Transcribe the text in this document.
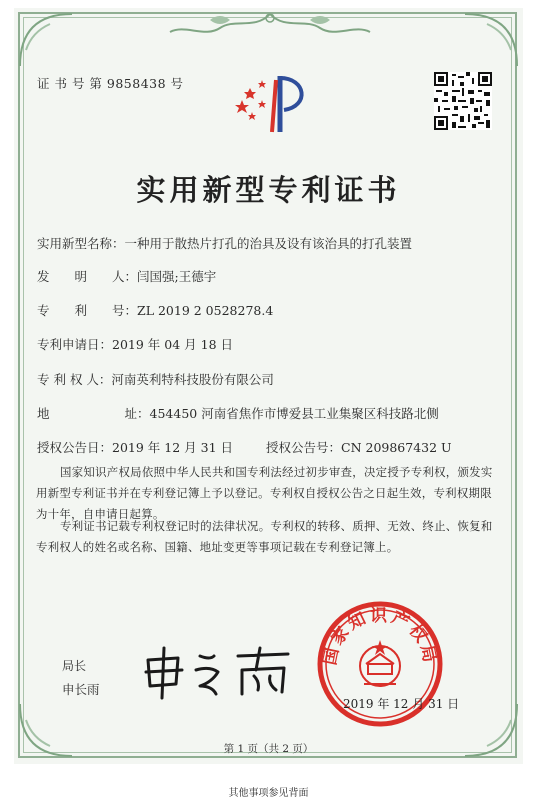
证 书 号 第 9858438 号
实用新型专利证书
实用新型名称：一种用于散热片打孔的治具及设有该治具的打孔装置
发　　明　　人：闫国强;王德宇
专　　利　　号：ZL 2019 2 0528278.4
专利申请日：2019 年 04 月 18 日
专 利 权 人：河南英利特科技股份有限公司
地　　　　　　址：454450 河南省焦作市博爱县工业集聚区科技路北侧
授权公告日：2019 年 12 月 31 日	授权公告号：CN 209867432 U
国家知识产权局依照中华人民共和国专利法经过初步审查，决定授予专利权，颁发实用新型专利证书并在专利登记簿上予以登记。专利权自授权公告之日起生效，专利权期限为十年，自申请日起算。
专利证书记载专利权登记时的法律状况。专利权的转移、质押、无效、终止、恢复和专利权人的姓名或名称、国籍、地址变更等事项记载在专利登记簿上。
局长
申长雨
国家知识产权局
2019 年 12 月 31 日
第 1 页（共 2 页）
其他事项参见背面
